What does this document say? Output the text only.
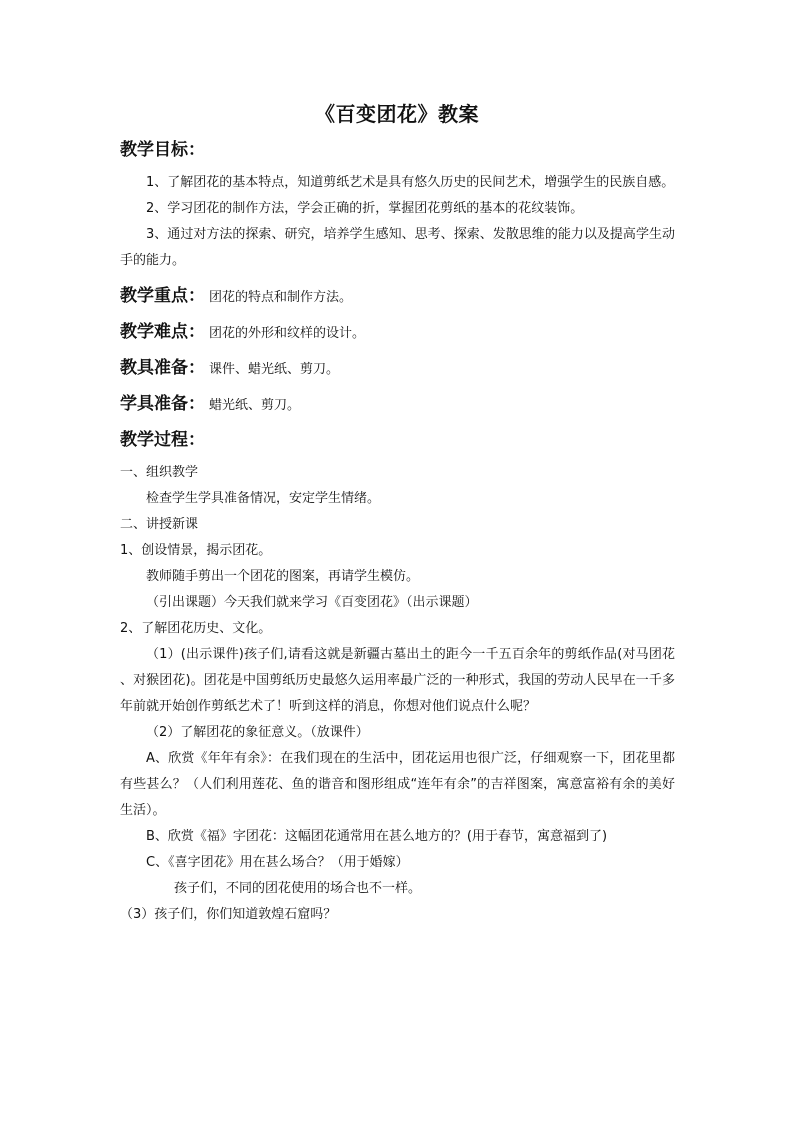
《百变团花》教案
教学目标：

1、了解团花的基本特点，知道剪纸艺术是具有悠久历史的民间艺术，增强学生的民族自感。

2、学习团花的制作方法，学会正确的折，掌握团花剪纸的基本的花纹装饰。

3、通过对方法的探索、研究，培养学生感知、思考、探索、发散思维的能力以及提高学生动手的能力。

教学重点： 团花的特点和制作方法。
教学难点： 团花的外形和纹样的设计。
教具准备： 课件、蜡光纸、剪刀。
学具准备： 蜡光纸、剪刀。
教学过程：

一、组织教学

检查学生学具准备情况，安定学生情绪。

二、讲授新课

1、创设情景，揭示团花。

教师随手剪出一个团花的图案，再请学生模仿。

（引出课题）今天我们就来学习《百变团花》（出示课题）

2、了解团花历史、文化。

（1）(出示课件)孩子们,请看这就是新疆古墓出土的距今一千五百余年的剪纸作品(对马团花 、对猴团花)。团花是中国剪纸历史最悠久运用率最广泛的一种形式，我国的劳动人民早在一千多年前就开始创作剪纸艺术了！听到这样的消息，你想对他们说点什么呢？

（2）了解团花的象征意义。（放课件）

A、欣赏《年年有余》：在我们现在的生活中，团花运用也很广泛，仔细观察一下，团花里都有些甚么？（人们利用莲花、鱼的谐音和图形组成“连年有余”的吉祥图案，寓意富裕有余的美好生活）。

B、欣赏《福》字团花：这幅团花通常用在甚么地方的？(用于春节，寓意福到了)

C、《喜字团花》用在甚么场合？（用于婚嫁）

孩子们，不同的团花使用的场合也不一样。

（3）孩子们，你们知道敦煌石窟吗？
